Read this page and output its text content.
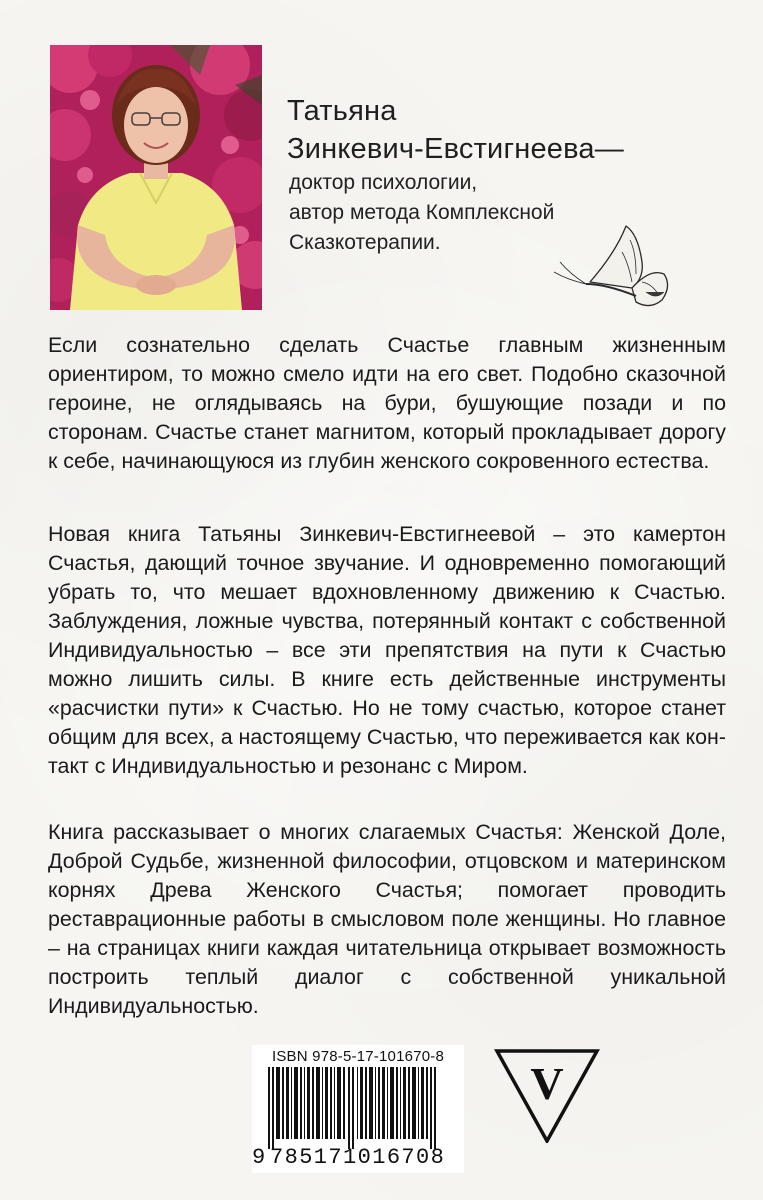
Татьяна
Зинкевич-Евстигнеева—
доктор психологии,
автор метода Комплексной
Сказкотерапии.

Если сознательно сделать Счастье главным жизненным ориентиром, то можно смело идти на его свет. Подобно сказочной героине, не оглядываясь на бури, бушующие позади и по сторонам. Счастье станет магнитом, который прокладывает дорогу к себе, начинающуюся из глубин женского сокровенного естества.

Новая книга Татьяны Зинкевич-Евстигнеевой – это камертон Счастья, дающий точное звучание. И одновременно помогающий убрать то, что мешает вдохновленному движению к Счастью. Заблуждения, ложные чувства, потерянный контакт с собственной Индивидуальностью – все эти препятствия на пути к Счастью можно лишить силы. В книге есть действенные инструменты «расчистки пути» к Счастью. Но не тому счастью, которое станет общим для всех, а настоящему Счастью, что переживается как контакт с Индивидуальностью и резонанс с Миром.

Книга рассказывает о многих слагаемых Счастья: Женской Доле, Доброй Судьбе, жизненной философии, отцовском и материнском корнях Древа Женского Счастья; помогает проводить реставрационные работы в смысловом поле женщины. Но главное – на страницах книги каждая читательница открывает возможность построить теплый диалог с собственной уникальной Индивидуальностью.

ISBN 978-5-17-101670-8
9 785171016708
V
